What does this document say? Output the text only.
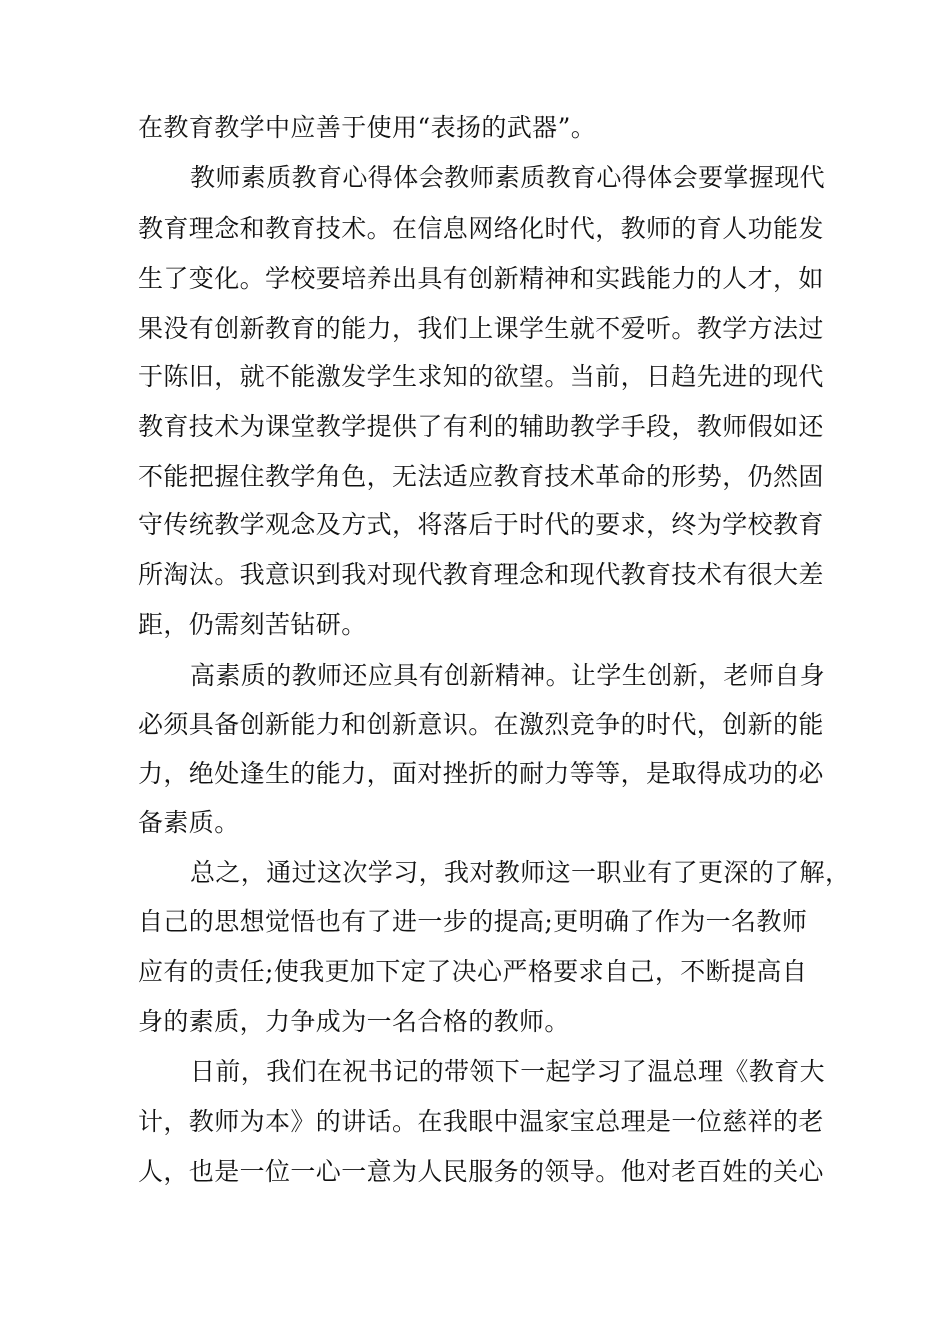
在教育教学中应善于使用“表扬的武器”。
教师素质教育心得体会教师素质教育心得体会要掌握现代
教育理念和教育技术。在信息网络化时代，教师的育人功能发
生了变化。学校要培养出具有创新精神和实践能力的人才，如
果没有创新教育的能力，我们上课学生就不爱听。教学方法过
于陈旧，就不能激发学生求知的欲望。当前，日趋先进的现代
教育技术为课堂教学提供了有利的辅助教学手段，教师假如还
不能把握住教学角色，无法适应教育技术革命的形势，仍然固
守传统教学观念及方式，将落后于时代的要求，终为学校教育
所淘汰。我意识到我对现代教育理念和现代教育技术有很大差
距，仍需刻苦钻研。
高素质的教师还应具有创新精神。让学生创新，老师自身
必须具备创新能力和创新意识。在激烈竞争的时代，创新的能
力，绝处逢生的能力，面对挫折的耐力等等，是取得成功的必
备素质。
总之，通过这次学习，我对教师这一职业有了更深的了解，
自己的思想觉悟也有了进一步的提高;更明确了作为一名教师
应有的责任;使我更加下定了决心严格要求自己，不断提高自
身的素质，力争成为一名合格的教师。
日前，我们在祝书记的带领下一起学习了温总理《教育大
计，教师为本》的讲话。在我眼中温家宝总理是一位慈祥的老
人，也是一位一心一意为人民服务的领导。他对老百姓的关心
